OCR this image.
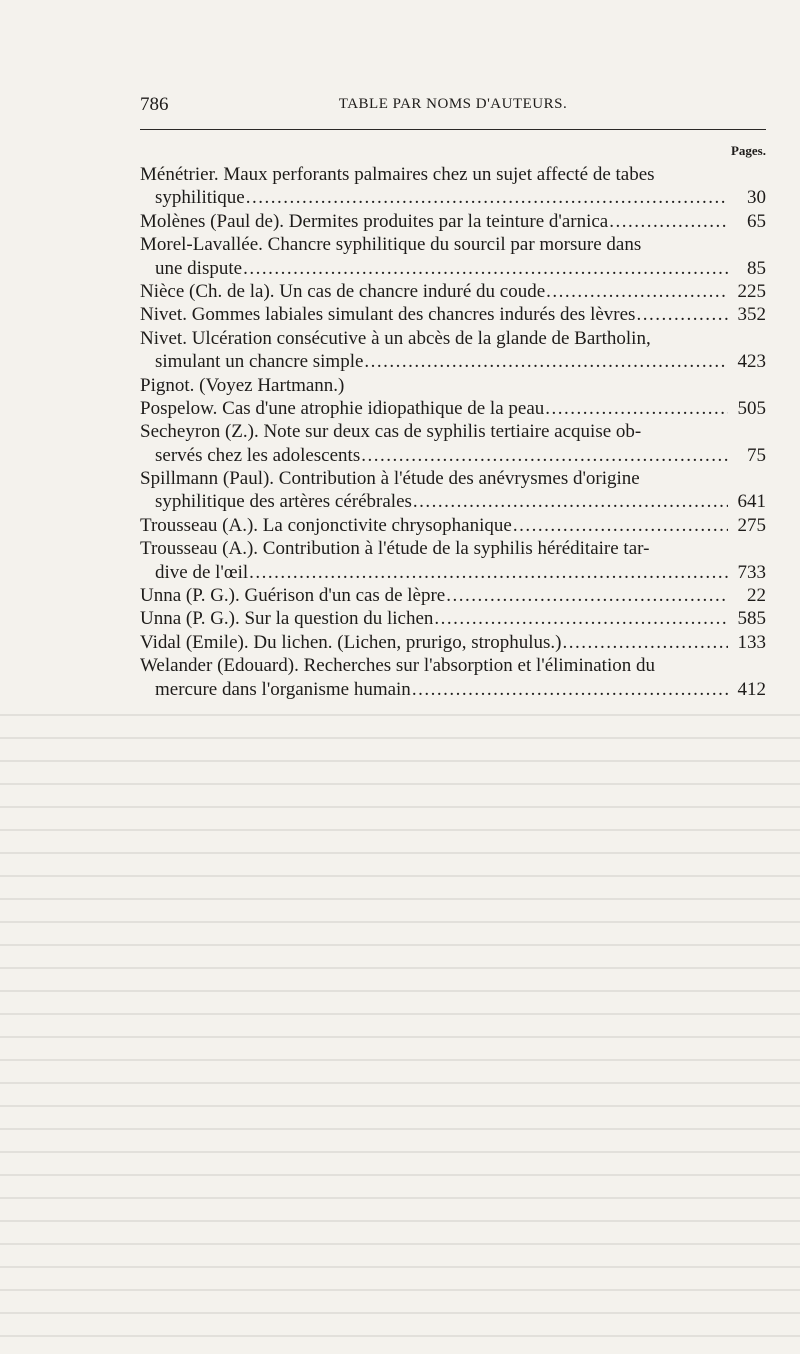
786	TABLE PAR NOMS D'AUTEURS.
Pages.
Ménétrier. Maux perforants palmaires chez un sujet affecté de tabes
syphilitique .....	30
Molènes (Paul de). Dermites produites par la teinture d'arnica .....	65
Morel-Lavallée. Chancre syphilitique du sourcil par morsure dans
une dispute .....	85
Nièce (Ch. de la). Un cas de chancre induré du coude .....	225
Nivet. Gommes labiales simulant des chancres indurés des lèvres .....	352
Nivet. Ulcération consécutive à un abcès de la glande de Bartholin,
simulant un chancre simple .....	423
Pignot. (Voyez Hartmann.)
Pospelow. Cas d'une atrophie idiopathique de la peau .....	505
Secheyron (Z.). Note sur deux cas de syphilis tertiaire acquise ob-
servés chez les adolescents .....	75
Spillmann (Paul). Contribution à l'étude des anévrysmes d'origine
syphilitique des artères cérébrales .....	641
Trousseau (A.). La conjonctivite chrysophanique .....	275
Trousseau (A.). Contribution à l'étude de la syphilis héréditaire tar-
dive de l'œil .....	733
Unna (P. G.). Guérison d'un cas de lèpre .....	22
Unna (P. G.). Sur la question du lichen .....	585
Vidal (Emile). Du lichen. (Lichen, prurigo, strophulus.) .....	133
Welander (Edouard). Recherches sur l'absorption et l'élimination du
mercure dans l'organisme humain .....	412
